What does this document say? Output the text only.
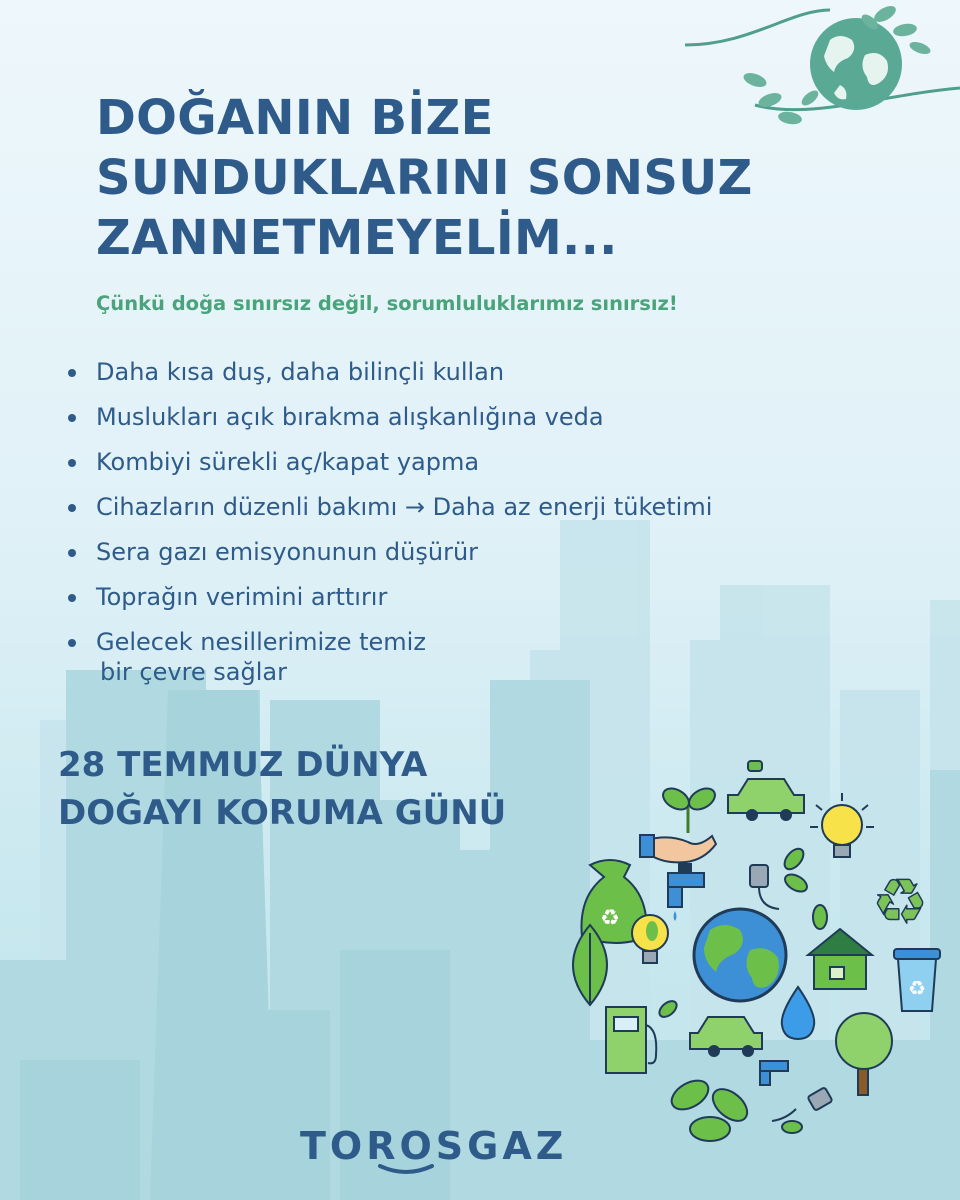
DOĞANIN BİZE
SUNDUKLARINI SONSUZ
ZANNETMEYELİM...
Çünkü doğa sınırsız değil, sorumluluklarımız sınırsız!
Daha kısa duş, daha bilinçli kullan
Muslukları açık bırakma alışkanlığına veda
Kombiyi sürekli aç/kapat yapma
Cihazların düzenli bakımı → Daha az enerji tüketimi
Sera gazı emisyonunun düşürür
Toprağın verimini arttırır
Gelecek nesillerimize temiz
bir çevre sağlar
28 TEMMUZ DÜNYA
DOĞAYI KORUMA GÜNÜ
♻	♻
♻
TOROSGAZ
